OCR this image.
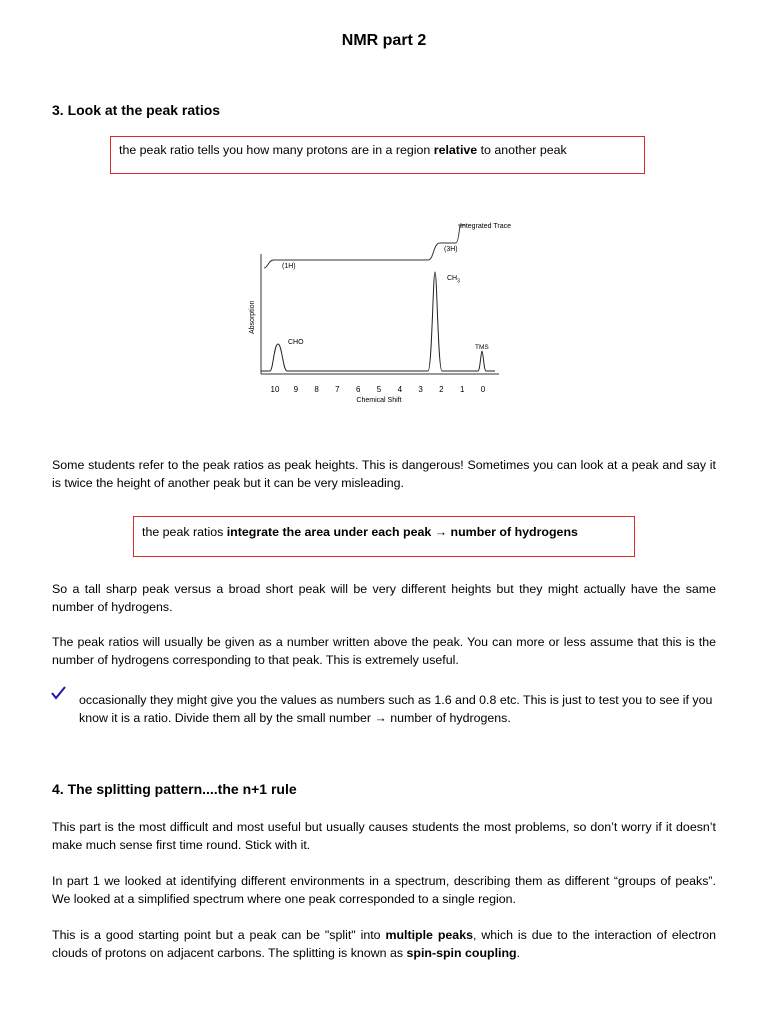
NMR part 2
3. Look at the peak ratios
the peak ratio tells you how many protons are in a region relative to another peak
Integrated Trace
(1H)
(3H)
CHO
$CH_3$
TMS
Absorption
10 9 8 7 6 5 4 3 2 1 0
Chemical Shift
Some students refer to the peak ratios as peak heights. This is dangerous! Sometimes you can look at a peak and say it is twice the height of another peak but it can be very misleading.
the peak ratios integrate the area under each peak → number of hydrogens
So a tall sharp peak versus a broad short peak will be very different heights but they might actually have the same number of hydrogens.
The peak ratios will usually be given as a number written above the peak. You can more or less assume that this is the number of hydrogens corresponding to that peak. This is extremely useful.
occasionally they might give you the values as numbers such as 1.6 and 0.8 etc. This is just to test you to see if you know it is a ratio. Divide them all by the small number → number of hydrogens.
4. The splitting pattern....the n+1 rule
This part is the most difficult and most useful but usually causes students the most problems, so don’t worry if it doesn’t make much sense first time round. Stick with it.
In part 1 we looked at identifying different environments in a spectrum, describing them as different “groups of peaks”. We looked at a simplified spectrum where one peak corresponded to a single region.
This is a good starting point but a peak can be "split" into multiple peaks, which is due to the interaction of electron clouds of protons on adjacent carbons. The splitting is known as spin-spin coupling.
